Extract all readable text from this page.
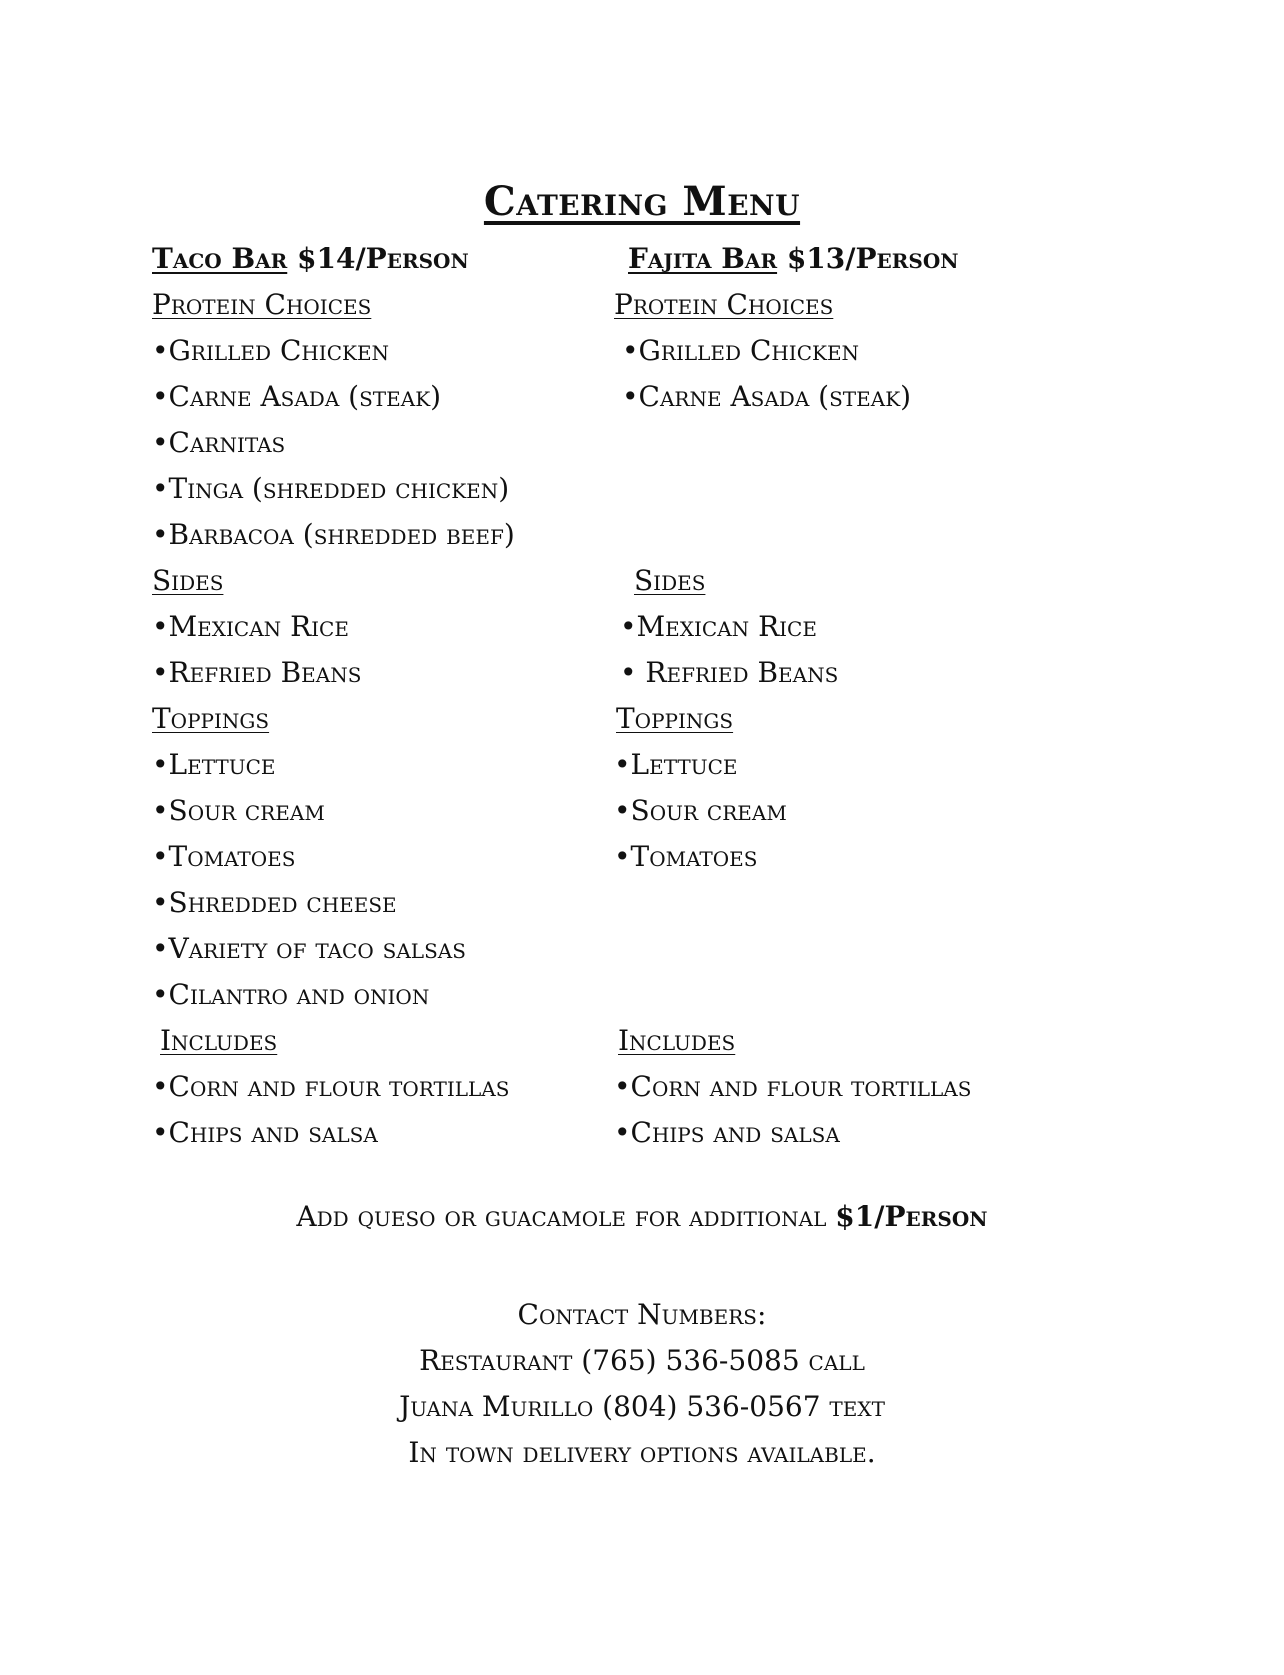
Catering Menu
Taco Bar $14/Person
Protein Choices
•Grilled Chicken
•Carne Asada (steak)
•Carnitas
•Tinga (shredded chicken)
•Barbacoa (shredded beef)
Sides
•Mexican Rice
•Refried Beans
Toppings
•Lettuce
•Sour cream
•Tomatoes
•Shredded cheese
•Variety of taco salsas
•Cilantro and onion
Includes
•Corn and flour tortillas
•Chips and salsa
Fajita Bar $13/Person
Protein Choices
•Grilled Chicken
•Carne Asada (steak)
Sides
•Mexican Rice
• Refried Beans
Toppings
•Lettuce
•Sour cream
•Tomatoes
Includes
•Corn and flour tortillas
•Chips and salsa
Add queso or guacamole for additional $1/Person
Contact Numbers:
Restaurant (765) 536-5085 call
Juana Murillo (804) 536-0567 text
In town delivery options available.
